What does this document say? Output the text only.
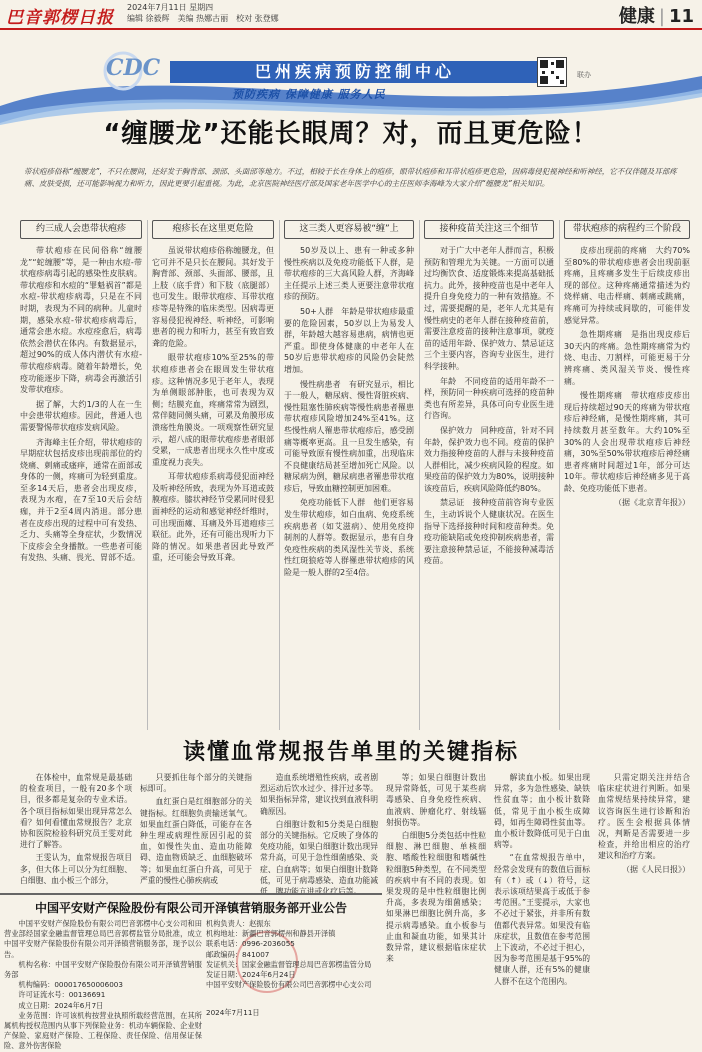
巴音郭楞日报
2024年7月11日 星期四
编辑 徐毅辉　美编 热娜古丽　校对 张登娜	健康 | 11
CDC	巴州疾病预防控制中心
预防疾病 保障健康 服务人民
联办
“缠腰龙”还能长眼周？对，而且更危险！
带状疱疹俗称“缠腰龙”，不只在腰间，还好发于胸背部、颈部、头面部等地方。不过，相较于长在身体上的疱疹，眼带状疱疹和耳带状疱疹更危险，因病毒侵犯视神经和听神经，它不仅伴随及耳部疼痛、皮肤受损，还可能影响视力和听力，因此更要引起重视。为此，北京医院神经医疗部及国家老年医学中心的主任医师李海峰为大家介绍“缠腰龙”相关知识。
约三成人会患带状疱疹

带状疱疹在民间俗称“缠腰龙”“蛇缠腰”等，是一种由水痘-带状疱疹病毒引起的感染性皮肤病。带状疱疹和水痘的“罪魁祸首”都是水痘-带状疱疹病毒，只是在不同时期，表现为不同的病种。儿童时期，感染水痘-带状疱疹病毒后，通常会患水痘。水痘痊愈后，病毒依然会潜伏在体内。有数据显示，超过90%的成人体内潜伏有水痘-带状疱疹病毒。随着年龄增长，免疫功能逐步下降，病毒会再激活引发带状疱疹。

据了解，大约1/3的人在一生中会患带状疱疹。因此，普通人也需要警惕带状疱疹发病风险。

齐海峰主任介绍，带状疱疹的早期症状包括皮疹出现前部位的灼烧痛、刺痛或瘙痒，通常在面部或身体的一侧，疼痛可为轻到重度。至多14天后，患者会出现皮疹，表现为水疱，在7至10天后会结痂，并于2至4周内消退。部分患者在皮疹出现的过程中可有发热、乏力、头痛等全身症状，少数情况下皮疹会全身播散。一些患者可能有发热、头痛、畏光、胃部不适。

疱疹长在这里更危险

虽说带状疱疹俗称缠腰龙，但它可并不是只长在腰间。其好发于胸背部、颈部、头面部、腰部，且上肢（底手背）和下肢（底腿部）也可发生。眼带状疱疹、耳带状疱疹等是特殊的临床类型。因病毒更容易侵犯视神经、听神经，可影响患者的视力和听力，甚至有致盲致聋的危险。

眼带状疱疹10%至25%的带状疱疹患者会在眼周发生带状疱疹。这种情况多见于老年人，表现为单侧眼部肿胀，也可表现为双侧；结膜充血，疼痛常常为剧烈，常伴随同侧头痛，可累及角膜形成溃疡性角膜炎。一项观察性研究显示，超八成的眼带状疱疹患者眼部受累，一成患者出现永久性中度或重度视力丧失。

耳带状疱疹系病毒侵犯面神经及听神经所致，表现为外耳道或鼓膜疱疹。膝状神经节受累同时侵犯面神经的运动和感觉神经纤维时，可出现面瘫、耳痛及外耳道疱疹三联征。此外，还有可能出现听力下降的情况。如果患者因此导致严重，还可能会导致耳聋。

这三类人更容易被“缠”上

50岁及以上、患有一种或多种慢性疾病以及免疫功能低下人群，是带状疱疹的三大高风险人群，齐海峰主任提示上述三类人更要注意带状疱疹的预防。

50+人群　年龄是带状疱疹最重要的危险因素，50岁以上为易发人群，年龄越大越容易患病，病情也更严重。即使身体健康的中老年人在50岁后患带状疱疹的风险仍会陡然增加。

慢性病患者　有研究显示，相比于一般人，糖尿病、慢性肾脏疾病、慢性阻塞性肺疾病等慢性病患者罹患带状疱疹风险增加24%至41%。这些慢性病人罹患带状疱疹后，感受剧痛等概率更高。且一旦发生感染，有可能导致原有慢性病加重，出现临床不良健康结局甚至增加死亡风险。以糖尿病为例，糖尿病患者罹患带状疱疹后，导致血糖控制更加困难。

免疫功能低下人群　他们更容易发生带状疱疹，如白血病、免疫系统疾病患者（如艾滋病）、使用免疫抑制剂的人群等。数据显示，患有自身免疫性疾病的类风湿性关节炎、系统性红斑狼疮等人群罹患带状疱疹的风险是一般人群的2至4倍。

接种疫苗关注这三个细节

对于广大中老年人群而言，积极预防和管理尤为关键。一方面可以通过均衡饮食、适度锻炼来提高基础抵抗力。此外，接种疫苗也是中老年人提升自身免疫力的一种有效措施。不过，需要提醒的是，老年人尤其是有慢性病史的老年人群在接种疫苗前，需要注意疫苗的接种注意事项，就疫苗的适用年龄、保护效力、禁忌证这三个主要内容，咨询专业医生，进行科学接种。

年龄　不同疫苗的适用年龄不一样，预防同一种疾病可选择的疫苗种类也有所差异，具体可向专业医生进行咨询。

保护效力　同种疫苗，针对不同年龄，保护效力也不同。疫苗的保护效力指接种疫苗的人群与未接种疫苗人群相比，减少疾病风险的程度。如果疫苗的保护效力为80%，说明接种该疫苗后，疾病风险降低约80%。

禁忌证　接种疫苗前咨询专业医生，主动诉说个人健康状况。在医生指导下选择接种时间和疫苗种类。免疫功能缺陷或免疫抑制疾病患者，需要注意接种禁忌证，不能接种减毒活疫苗。

带状疱疹的病程约三个阶段

皮疹出现前的疼痛　大约70%至80%的带状疱疹患者会出现前驱疼痛，且疼痛多发生于后续皮疹出现的部位。这种疼痛通常描述为灼烧样痛、电击样痛、刺痛或跳痛，疼痛可为持续或间歇的，可能伴发感觉异常。

急性期疼痛　是指出现皮疹后30天内的疼痛。急性期疼痛常为灼烧、电击、刀割样，可能更易于分辨疼痛、类风湿关节炎、慢性疼痛。

慢性期疼痛　带状疱疹皮疹出现后持续超过90天的疼痛为带状疱疹后神经痛，是慢性期疼痛，其可持续数月甚至数年。大约10%至30%的人会出现带状疱疹后神经痛，30%至50%带状疱疹后神经痛患者疼痛时间超过1年，部分可达10年。带状疱疹后神经痛多见于高龄、免疫功能低下患者。

（据《北京青年报》）
读懂血常规报告单里的关键指标

在体检中，血常规是最基础的检查项目，一般有20多个项目，很多都是复杂的专业术语。各个项目指标如果出现异常怎么看？如何看懂血常规报告？北京协和医院检验科研究员王雯对此进行了解答。

王雯认为，血常规报告项目多，但大体上可以分为红细胞、白细胞、血小板三个部分，

只要抓住每个部分的关键指标即可。

血红蛋白是红细胞部分的关键指标。红细胞负责输送氧气。如果血红蛋白降低，可能存在各种生理或病理性原因引起的贫血，如慢性失血、造血功能障碍、造血物质缺乏、血细胞破坏等；如果血红蛋白升高，可见于严重的慢性心肺疾病或

造血系统增殖性疾病，或者剧烈运动后饮水过少、排汗过多等。如果指标异常，建议找到血液科明确原因。

白细胞计数和5分类是白细胞部分的关键指标。它反映了身体的免疫功能，如果白细胞计数出现异常升高，可见于急性细菌感染、炎症、白血病等；如果白细胞计数降低，可见于病毒感染、造血功能减低、脾功能亢进或化疗后等。

等；如果白细胞计数出现异常降低，可见于某些病毒感染、自身免疫性疾病、血液病、肿瘤化疗、射线辐射损伤等。

白细胞5分类包括中性粒细胞、淋巴细胞、单核细胞、嗜酸性粒细胞和嗜碱性粒细胞5种类型，在不同类型的疾病中有不同的表现。如果发现的是中性粒细胞比例升高，多表现为细菌感染；如果淋巴细胞比例升高，多提示病毒感染。血小板参与止血和凝血功能，如果其计数异常，建议根据临床症状来

解读血小板。如果出现异常，多为急性感染、缺铁性贫血等；血小板计数降低，常见于血小板生成障碍，如再生障碍性贫血等。血小板计数降低可见于白血病等。

“在血常规报告单中，经常会发现有的数值后面标有（↑）或（↓）符号，这表示该项结果高于或低于参考范围。”王雯提示，大家也不必过于紧张，并非所有数值都代表异常。如果没有临床症状，且数值在参考范围上下波动，不必过于担心，因为参考范围是基于95%的健康人群，还有5%的健康人群不在这个范围内。

只需定期关注并结合临床症状进行判断。如果血常规结果持续异常，建议咨询医生进行诊断和治疗。医生会根据具体情况，判断是否需要进一步检查，并给出相应的治疗建议和治疗方案。

（据《人民日报》）

中国平安财产保险股份有限公司开泽镇营销服务部开业公告

中国平安财产保险股份有限公司巴音郭楞中心支公司和田营业部经国家金融监督管理总局巴音郭楞监管分局批准，成立中国平安财产保险股份有限公司开泽镇营销服务部，现予以公告。

机构名称：中国平安财产保险股份有限公司开泽镇营销服务部

机构编码：000017650006003

许可证流水号：00136691

成立日期：2024年6月7日

业务范围：许可该机构按营业执照所载经营范围，在其所属机构授权范围内从事下列保险业务：机动车辆保险、企业财产保险、家庭财产保险、工程保险、责任保险、信用保证保险、意外伤害保险

机构负责人：赵振东
机构地址：新疆巴音郭楞州和静县开泽镇
联系电话：0996-2036055
邮政编码：841007
发证机关：国家金融监督管理总局巴音郭楞监管分局
发证日期：2024年6月24日
中国平安财产保险股份有限公司巴音郭楞中心支公司
2024年7月11日
